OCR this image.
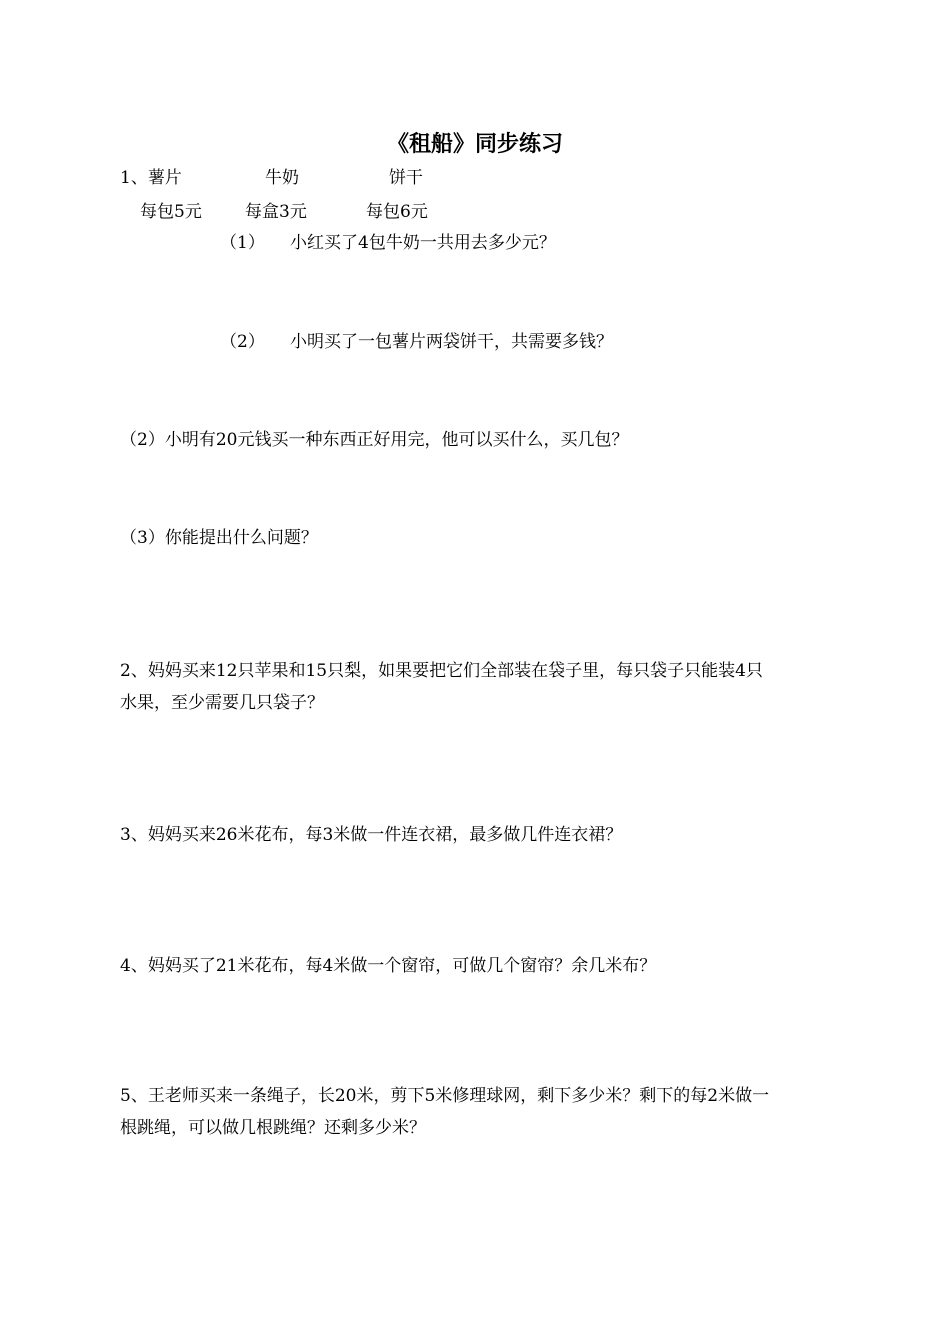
《租船》同步练习
1、薯片	牛奶	饼干
每包5元	每盒3元	每包6元
（1） 小红买了4包牛奶一共用去多少元？
（2） 小明买了一包薯片两袋饼干，共需要多钱？
（2）小明有20元钱买一种东西正好用完，他可以买什么，买几包？
（3）你能提出什么问题？
2、妈妈买来12只苹果和15只梨，如果要把它们全部装在袋子里，每只袋子只能装4只
水果，至少需要几只袋子？
3、妈妈买来26米花布，每3米做一件连衣裙，最多做几件连衣裙？
4、妈妈买了21米花布，每4米做一个窗帘，可做几个窗帘？余几米布？
5、王老师买来一条绳子，长20米，剪下5米修理球网，剩下多少米？剩下的每2米做一
根跳绳，可以做几根跳绳？还剩多少米？
